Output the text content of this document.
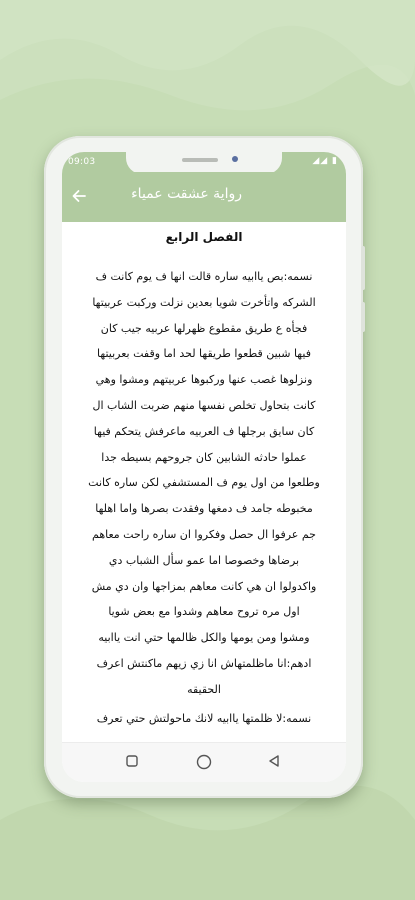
09:03	◢◢ ▮
رواية عشقت عمياء
الفصل الرابع
نسمه:بص ياابيه ساره قالت انها ف يوم كانت ف
الشركه واتأخرت شويا بعدين نزلت وركبت عربيتها
فجأه ع طريق مقطوع ظهرلها عربيه جيب كان
فيها شبين قطعوا طريقها لحد اما وقفت بعربيتها
ونزلوها غصب عنها وركبوها عربيتهم ومشوا وهي
كانت بتحاول تخلص نفسها منهم ضربت الشاب ال
كان سايق برجلها ف العربيه ماعرفش يتحكم فيها
عملوا حادثه الشابين كان جروحهم بسيطه جدا
وطلعوا من اول يوم ف المستشفي لكن ساره كانت
مخبوطه جامد ف دمغها وفقدت بصرها واما اهلها
جم عرفوا ال حصل وفكروا ان ساره راحت معاهم
برضاها وخصوصا اما عمو سأل الشباب دي
واكدولوا ان هي كانت معاهم بمزاجها وان دي مش
اول مره تروح معاهم وشدوا مع بعض شويا
ومشوا ومن يومها والكل ظالمها حتي انت ياابيه
ادهم:انا ماظلمتهاش انا زي زيهم ماكنتش اعرف
الحقيقه
نسمه:لا ظلمتها ياابيه لانك ماحولتش حتي تعرف
